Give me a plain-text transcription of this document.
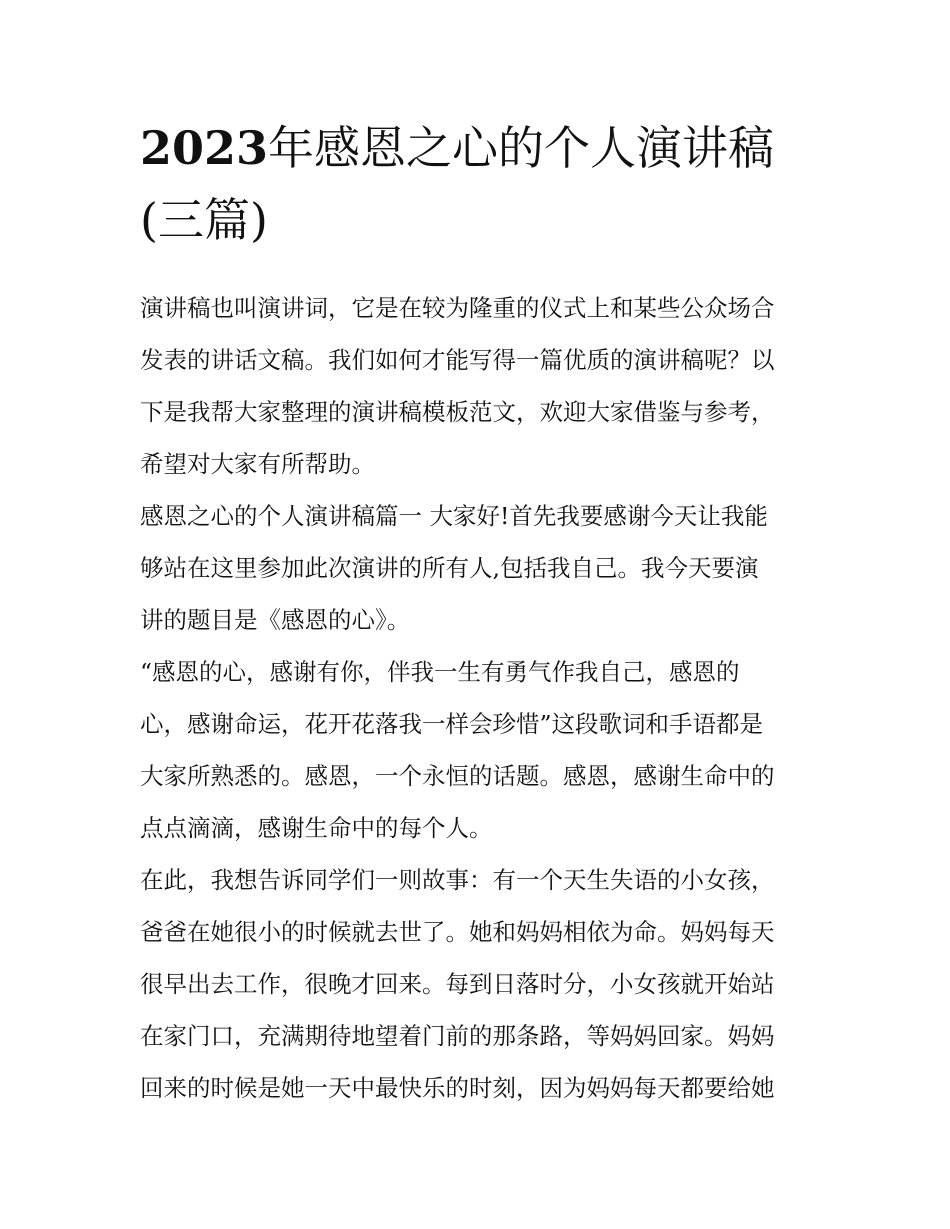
2023年感恩之心的个人演讲稿
(三篇)
演讲稿也叫演讲词，它是在较为隆重的仪式上和某些公众场合
发表的讲话文稿。我们如何才能写得一篇优质的演讲稿呢？以
下是我帮大家整理的演讲稿模板范文，欢迎大家借鉴与参考，
希望对大家有所帮助。
感恩之心的个人演讲稿篇一 大家好!首先我要感谢今天让我能
够站在这里参加此次演讲的所有人,包括我自己。我今天要演
讲的题目是《感恩的心》。
“感恩的心，感谢有你，伴我一生有勇气作我自己，感恩的
心，感谢命运，花开花落我一样会珍惜”这段歌词和手语都是
大家所熟悉的。感恩，一个永恒的话题。感恩，感谢生命中的
点点滴滴，感谢生命中的每个人。
在此，我想告诉同学们一则故事：有一个天生失语的小女孩，
爸爸在她很小的时候就去世了。她和妈妈相依为命。妈妈每天
很早出去工作，很晚才回来。每到日落时分，小女孩就开始站
在家门口，充满期待地望着门前的那条路，等妈妈回家。妈妈
回来的时候是她一天中最快乐的时刻，因为妈妈每天都要给她
